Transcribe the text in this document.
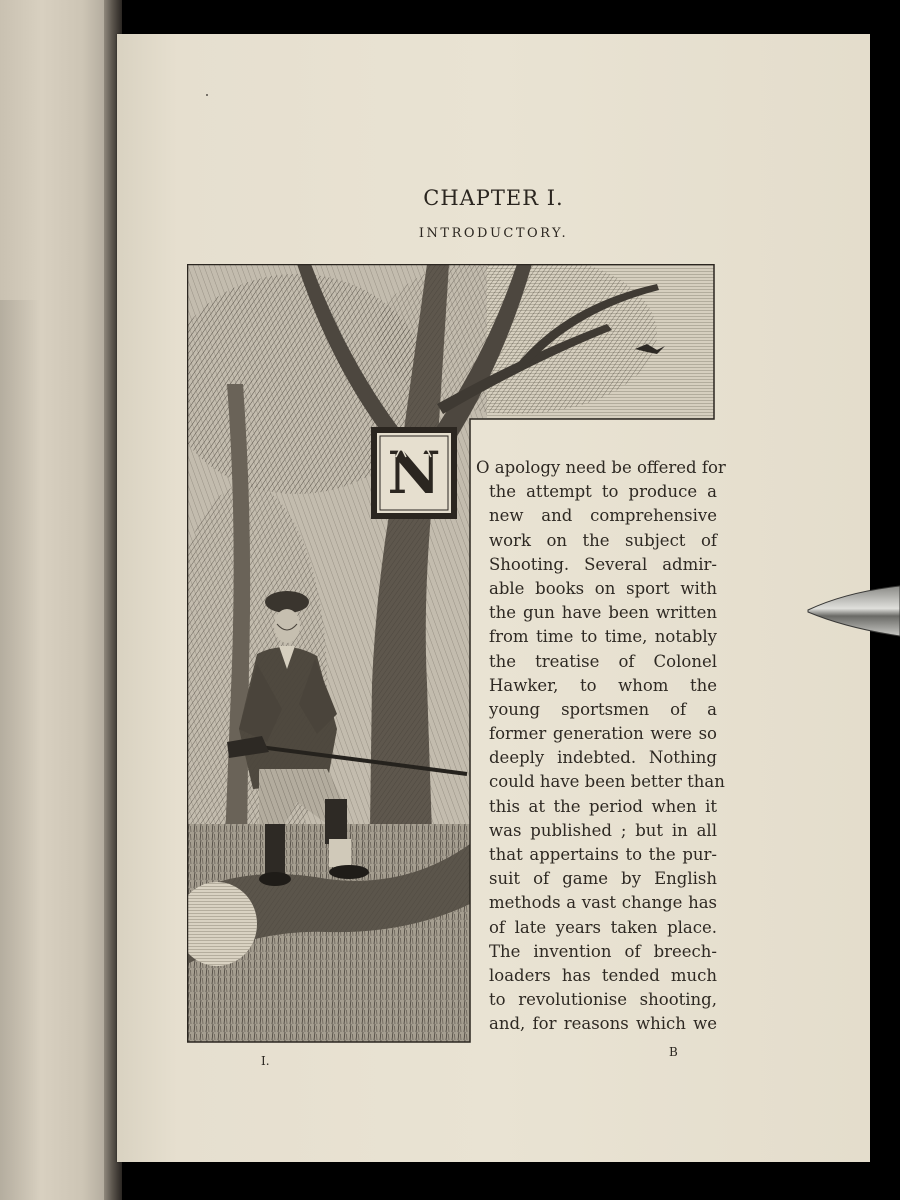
CHAPTER I.
INTRODUCTORY.
N O apology need be offered for
the attempt to produce a
new and comprehensive
work on the subject of
Shooting. Several admir-
able books on sport with
the gun have been written
from time to time, notably
the treatise of Colonel
Hawker, to whom the
young sportsmen of a
former generation were so
deeply indebted. Nothing
could have been better than
this at the period when it
was published ; but in all
that appertains to the pur-
suit of game by English
methods a vast change has
of late years taken place.
The invention of breech-
loaders has tended much
to revolutionise shooting,
and, for reasons which we
I.
B
